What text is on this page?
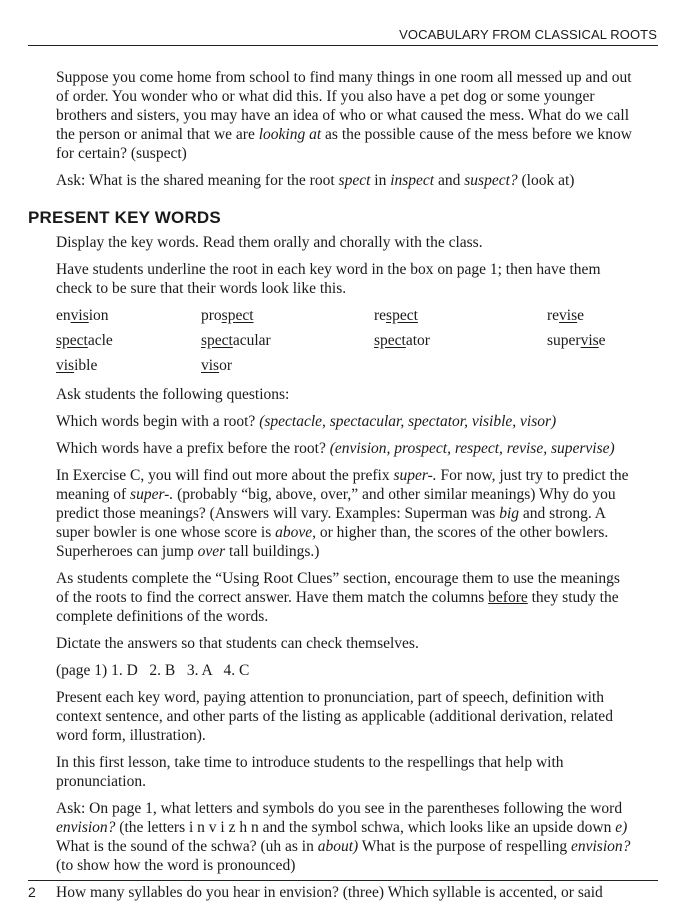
VOCABULARY FROM CLASSICAL ROOTS

Suppose you come home from school to find many things in one room all messed up and out of order. You wonder who or what did this. If you also have a pet dog or some younger brothers and sisters, you may have an idea of who or what caused the mess. What do we call the person or animal that we are looking at as the possible cause of the mess before we know for certain? (suspect)

Ask: What is the shared meaning for the root spect in inspect and suspect? (look at)

PRESENT KEY WORDS

Display the key words. Read them orally and chorally with the class.

Have students underline the root in each key word in the box on page 1; then have them check to be sure that their words look like this.

envision	prospect	respect	revise
spectacle	spectacular	spectator	supervise
visible	visor

Ask students the following questions:

Which words begin with a root? (spectacle, spectacular, spectator, visible, visor)

Which words have a prefix before the root? (envision, prospect, respect, revise, supervise)

In Exercise C, you will find out more about the prefix super-. For now, just try to predict the meaning of super-. (probably “big, above, over,” and other similar meanings) Why do you predict those meanings? (Answers will vary. Examples: Superman was big and strong. A super bowler is one whose score is above, or higher than, the scores of the other bowlers. Superheroes can jump over tall buildings.)

As students complete the “Using Root Clues” section, encourage them to use the meanings of the roots to find the correct answer. Have them match the columns before they study the complete definitions of the words.

Dictate the answers so that students can check themselves.

(page 1) 1. D   2. B   3. A   4. C

Present each key word, paying attention to pronunciation, part of speech, definition with context sentence, and other parts of the listing as applicable (additional derivation, related word form, illustration).

In this first lesson, take time to introduce students to the respellings that help with pronunciation.

Ask: On page 1, what letters and symbols do you see in the parentheses following the word envision? (the letters i n v i z h n and the symbol schwa, which looks like an upside down e) What is the sound of the schwa? (uh as in about) What is the purpose of respelling envision? (to show how the word is pronounced)

How many syllables do you hear in envision? (three) Which syllable is accented, or said

2
